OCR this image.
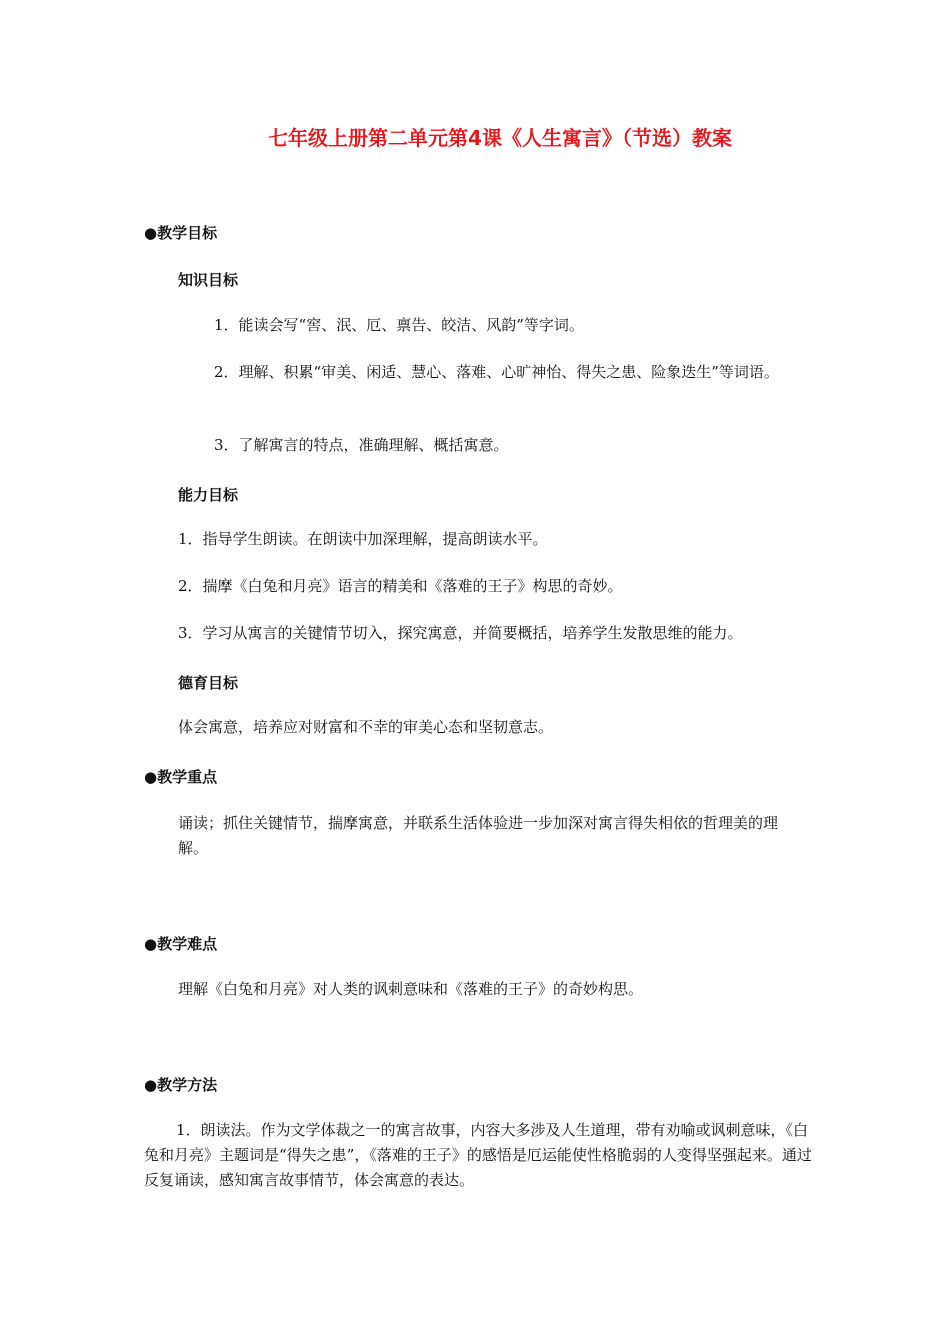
七年级上册第二单元第4课《人生寓言》（节选）教案
●教学目标
知识目标
1．能读会写“窖、泯、厄、禀告、皎洁、风韵”等字词。
2．理解、积累“审美、闲适、慧心、落难、心旷神怡、得失之患、险象迭生”等词语。
3．了解寓言的特点，准确理解、概括寓意。
能力目标
1．指导学生朗读。在朗读中加深理解，提高朗读水平。
2．揣摩《白兔和月亮》语言的精美和《落难的王子》构思的奇妙。
3．学习从寓言的关键情节切入，探究寓意，并简要概括，培养学生发散思维的能力。
德育目标
体会寓意，培养应对财富和不幸的审美心态和坚韧意志。
●教学重点
诵读；抓住关键情节，揣摩寓意，并联系生活体验进一步加深对寓言得失相依的哲理美的理解。
●教学难点
理解《白兔和月亮》对人类的讽刺意味和《落难的王子》的奇妙构思。
●教学方法
1．朗读法。作为文学体裁之一的寓言故事，内容大多涉及人生道理，带有劝喻或讽刺意味，《白兔和月亮》主题词是“得失之患”，《落难的王子》的感悟是厄运能使性格脆弱的人变得坚强起来。通过反复诵读，感知寓言故事情节，体会寓意的表达。
